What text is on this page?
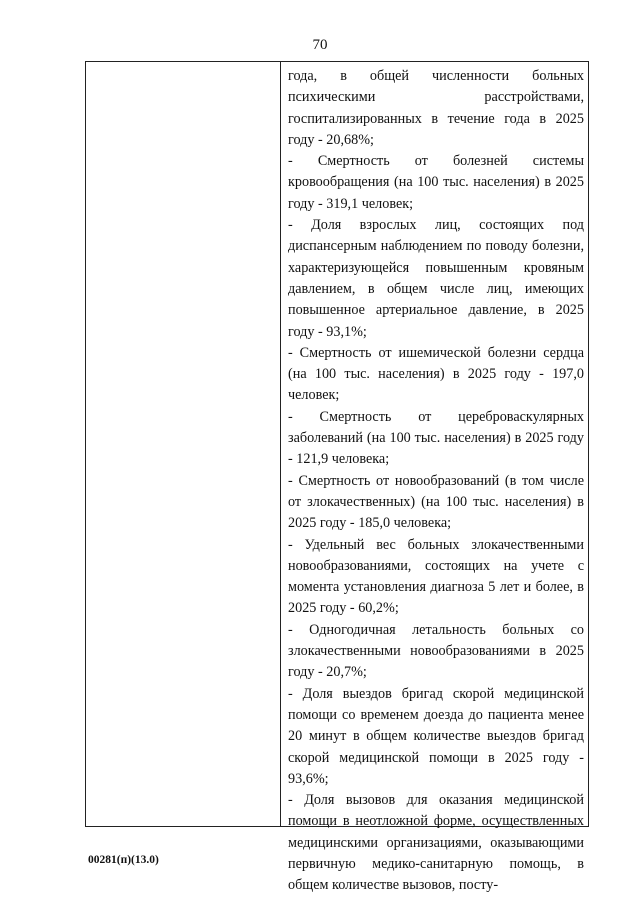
70

года, в общей численности больных психическими расстройствами, госпитализированных в течение года в 2025 году - 20,68%;

- Смертность от болезней системы кровообращения (на 100 тыс. населения) в 2025 году - 319,1 человек;

- Доля взрослых лиц, состоящих под диспансерным наблюдением по поводу болезни, характеризующейся повышенным кровяным давлением, в общем числе лиц, имеющих повышенное артериальное давление, в 2025 году - 93,1%;

- Смертность от ишемической болезни сердца (на 100 тыс. населения) в 2025 году - 197,0 человек;

- Смертность от цереброваскулярных заболеваний (на 100 тыс. населения) в 2025 году - 121,9 человека;

- Смертность от новообразований (в том числе от злокачественных) (на 100 тыс. населения) в 2025 году - 185,0 человека;

- Удельный вес больных злокачественными новообразованиями, состоящих на учете с момента установления диагноза 5 лет и более, в 2025 году - 60,2%;

- Одногодичная летальность больных со злокачественными новообразованиями в 2025 году - 20,7%;

- Доля выездов бригад скорой медицинской помощи со временем доезда до пациента менее 20 минут в общем количестве выездов бригад скорой медицинской помощи в 2025 году - 93,6%;

- Доля вызовов для оказания медицинской помощи в неотложной форме, осуществленных медицинскими организациями, оказывающими первичную медико-санитарную помощь, в общем количестве вызовов, посту-

00281(п)(13.0)
